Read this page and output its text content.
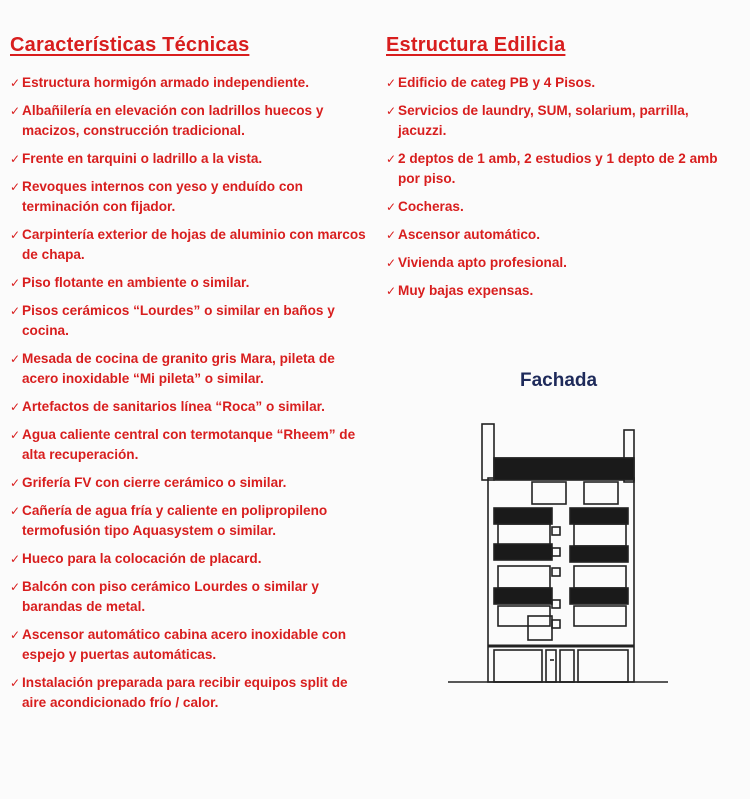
Características Técnicas
✓ Estructura hormigón armado independiente.
✓ Albañilería en elevación con ladrillos huecos y macizos, construcción tradicional.
✓ Frente en tarquini o ladrillo a la vista.
✓ Revoques internos con yeso y enduído con terminación con fijador.
✓ Carpintería exterior de hojas de aluminio con marcos de chapa.
✓ Piso flotante en ambiente o similar.
✓ Pisos cerámicos “Lourdes” o similar en baños y cocina.
✓ Mesada de cocina de granito gris Mara, pileta de acero inoxidable “Mi pileta” o similar.
✓ Artefactos de sanitarios línea “Roca” o similar.
✓ Agua caliente central con termotanque “Rheem” de alta recuperación.
✓ Grifería FV con cierre cerámico o similar.
✓ Cañería de agua fría y caliente en polipropileno termofusión tipo Aquasystem o similar.
✓ Hueco para la colocación de placard.
✓ Balcón con piso cerámico Lourdes o similar y barandas de metal.
✓ Ascensor automático cabina acero inoxidable con espejo y puertas automáticas.
✓ Instalación preparada para recibir equipos split de aire acondicionado frío / calor.
Estructura Edilicia
✓ Edificio de categ PB y 4 Pisos.
✓ Servicios de laundry, SUM, solarium, parrilla, jacuzzi.
✓ 2 deptos de 1 amb, 2 estudios y 1 depto de 2 amb por piso.
✓ Cocheras.
✓ Ascensor automático.
✓ Vivienda apto profesional.
✓ Muy bajas expensas.
Fachada
